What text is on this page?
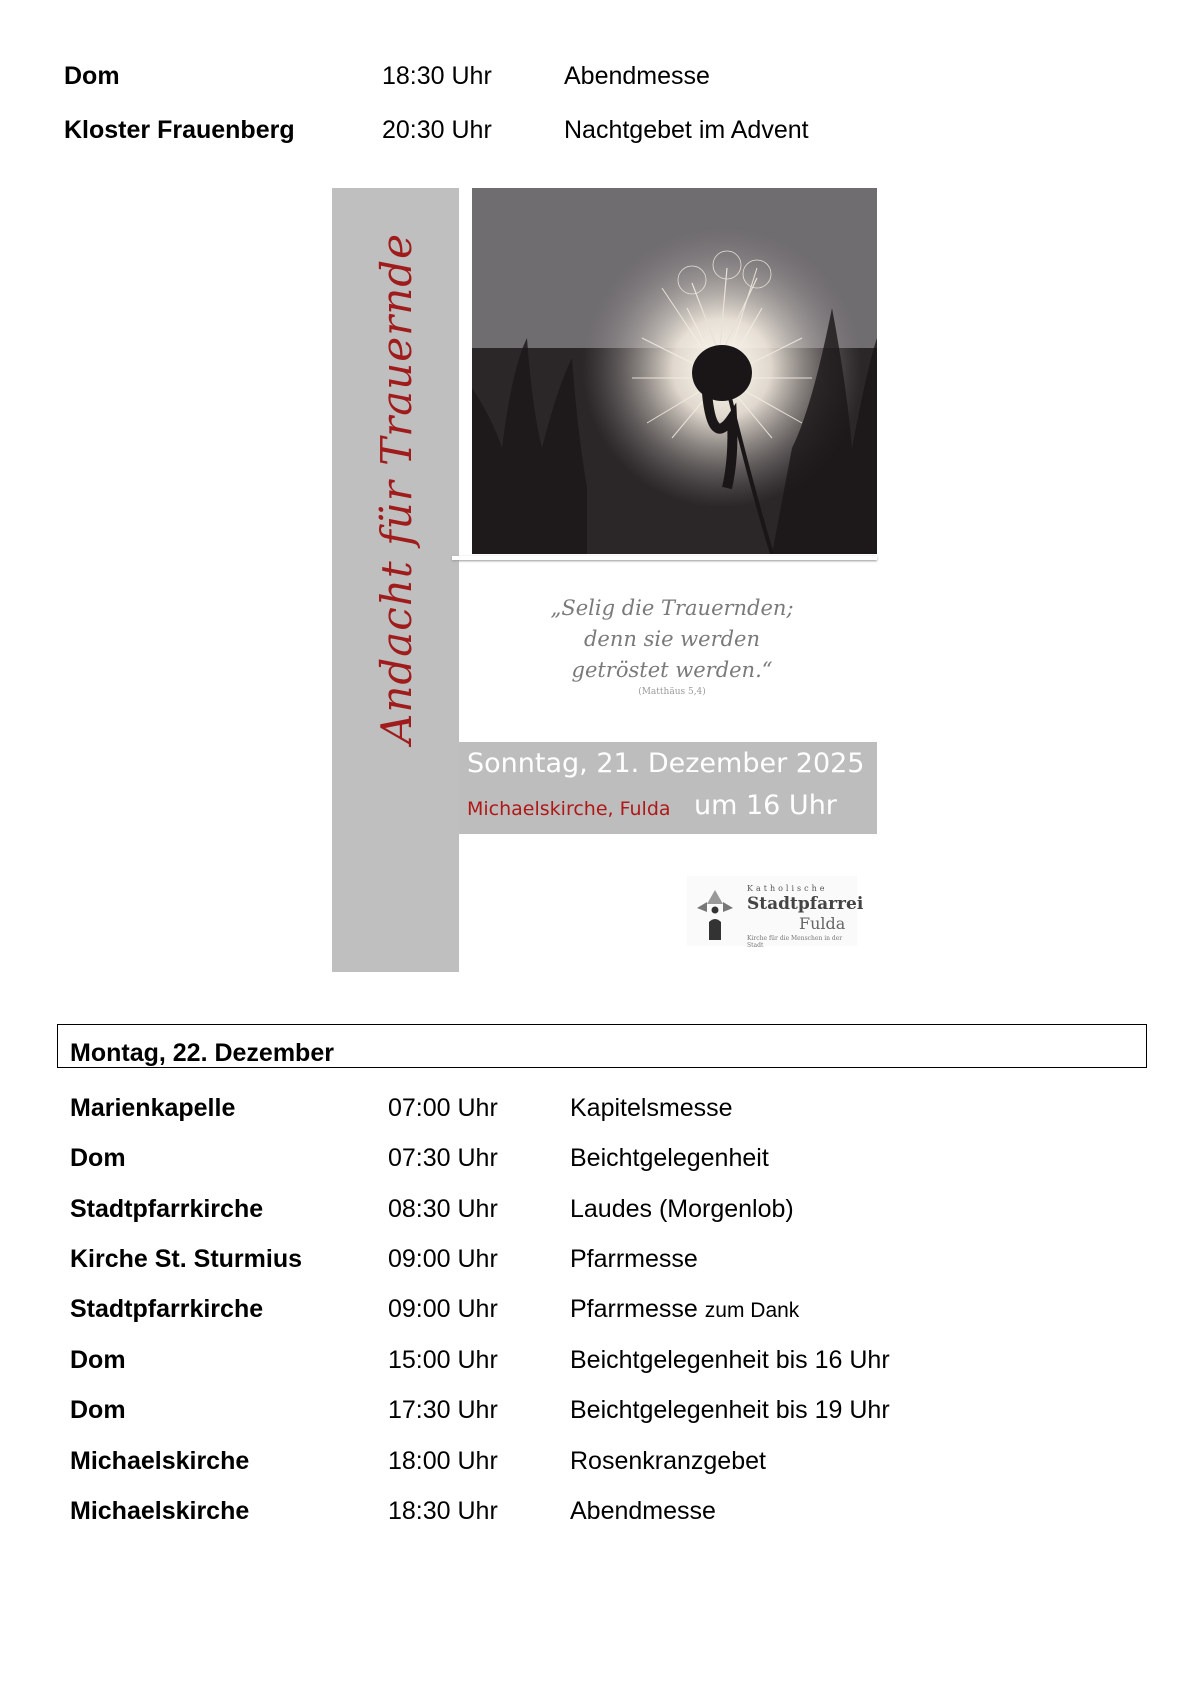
Dom	18:30 Uhr	Abendmesse
Kloster Frauenberg	20:30 Uhr	Nachtgebet im Advent
Andacht für Trauernde	„Selig die Trauernden;
denn sie werden
getröstet werden.“
(Matthäus 5,4)
Sonntag, 21. Dezember 2025
Michaelskirche, Fulda um 16 Uhr
Katholische
Stadtpfarrei
Fulda
Kirche für die Menschen in der Stadt
Montag, 22. Dezember
Marienkapelle	07:00 Uhr	Kapitelsmesse
Dom	07:30 Uhr	Beichtgelegenheit
Stadtpfarrkirche	08:30 Uhr	Laudes (Morgenlob)
Kirche St. Sturmius	09:00 Uhr	Pfarrmesse
Stadtpfarrkirche	09:00 Uhr	Pfarrmesse zum Dank
Dom	15:00 Uhr	Beichtgelegenheit bis 16 Uhr
Dom	17:30 Uhr	Beichtgelegenheit bis 19 Uhr
Michaelskirche	18:00 Uhr	Rosenkranzgebet
Michaelskirche	18:30 Uhr	Abendmesse
